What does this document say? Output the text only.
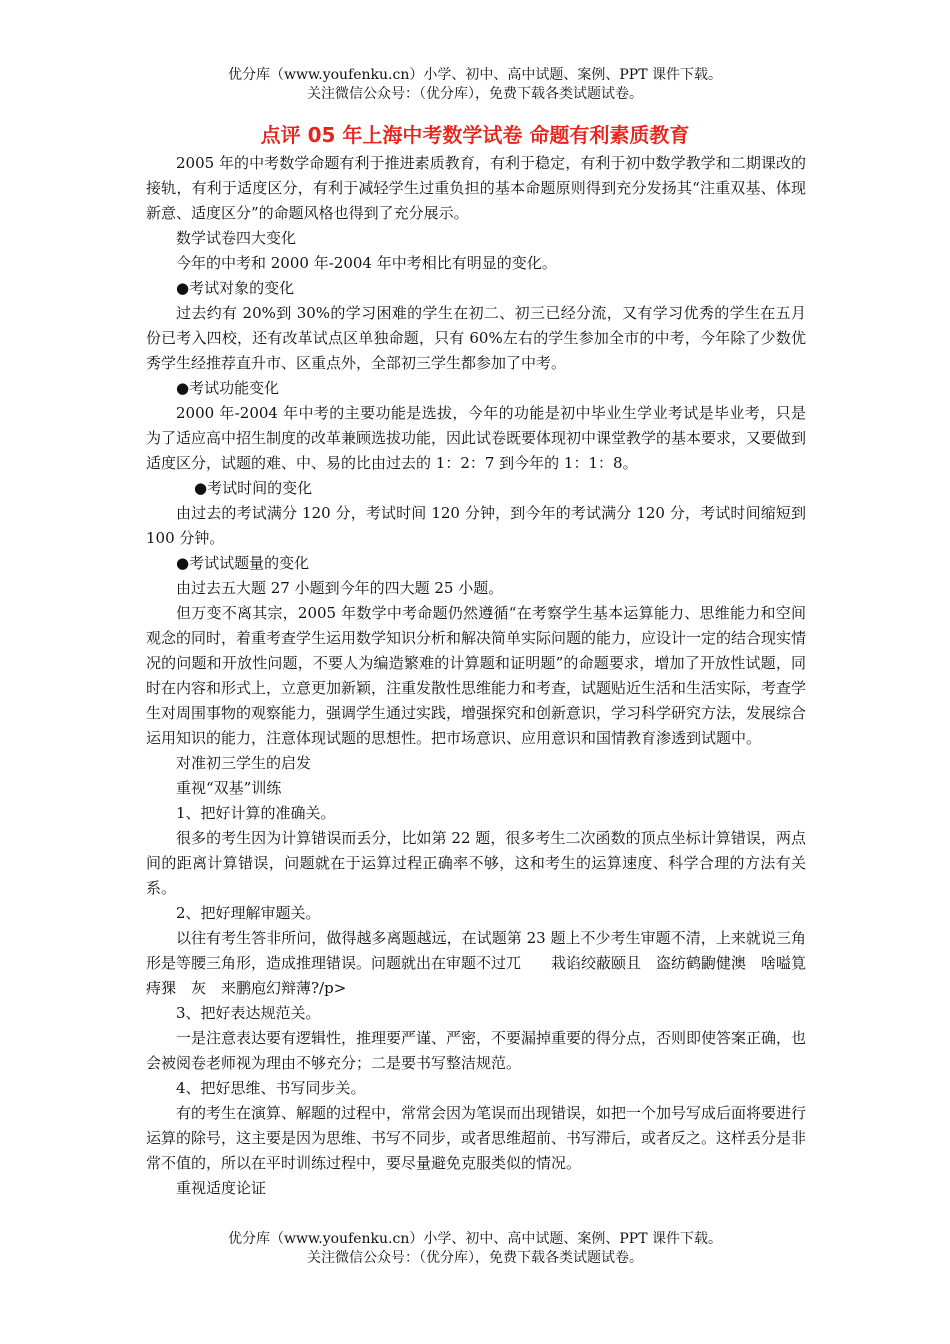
优分库（www.youfenku.cn）小学、初中、高中试题、案例、PPT 课件下载。
关注微信公众号：（优分库），免费下载各类试题试卷。
点评 05 年上海中考数学试卷 命题有利素质教育

2005 年的中考数学命题有利于推进素质教育，有利于稳定，有利于初中数学教学和二期课改的接轨，有利于适度区分，有利于减轻学生过重负担的基本命题原则得到充分发扬其“注重双基、体现新意、适度区分”的命题风格也得到了充分展示。

数学试卷四大变化

今年的中考和 2000 年-2004 年中考相比有明显的变化。

●考试对象的变化

过去约有 20%到 30%的学习困难的学生在初二、初三已经分流，又有学习优秀的学生在五月份已考入四校，还有改革试点区单独命题，只有 60%左右的学生参加全市的中考，今年除了少数优秀学生经推荐直升市、区重点外，全部初三学生都参加了中考。

●考试功能变化

2000 年-2004 年中考的主要功能是选拔，今年的功能是初中毕业生学业考试是毕业考，只是为了适应高中招生制度的改革兼顾选拔功能，因此试卷既要体现初中课堂教学的基本要求，又要做到适度区分，试题的难、中、易的比由过去的 1：2：7 到今年的 1：1：8。

●考试时间的变化

由过去的考试满分 120 分，考试时间 120 分钟，到今年的考试满分 120 分，考试时间缩短到 100 分钟。

●考试试题量的变化

由过去五大题 27 小题到今年的四大题 25 小题。

但万变不离其宗，2005 年数学中考命题仍然遵循“在考察学生基本运算能力、思维能力和空间观念的同时，着重考查学生运用数学知识分析和解决简单实际问题的能力，应设计一定的结合现实情况的问题和开放性问题，不要人为编造繁难的计算题和证明题”的命题要求，增加了开放性试题，同时在内容和形式上，立意更加新颖，注重发散性思维能力和考查，试题贴近生活和生活实际，考查学生对周围事物的观察能力，强调学生通过实践，增强探究和创新意识，学习科学研究方法，发展综合运用知识的能力，注意体现试题的思想性。把市场意识、应用意识和国情教育渗透到试题中。

对准初三学生的启发

重视“双基”训练

1、把好计算的准确关。

很多的考生因为计算错误而丢分，比如第 22 题，很多考生二次函数的顶点坐标计算错误，两点间的距离计算错误，问题就在于运算过程正确率不够，这和考生的运算速度、科学合理的方法有关系。

2、把好理解审题关。

以往有考生答非所问，做得越多离题越远，在试题第 23 题上不少考生审题不清，上来就说三角形是等腰三角形，造成推理错误。问题就出在审题不过兀　　栽谄绞蔽颐且　盗纺鹤鼩健澳　啥嗌筧　痔猓　灰　来鹏庖幻辩薄?/p>

3、把好表达规范关。

一是注意表达要有逻辑性，推理要严谨、严密，不要漏掉重要的得分点，否则即使答案正确，也会被阅卷老师视为理由不够充分；二是要书写整洁规范。

4、把好思维、书写同步关。

有的考生在演算、解题的过程中，常常会因为笔误而出现错误，如把一个加号写成后面将要进行运算的除号，这主要是因为思维、书写不同步，或者思维超前、书写滞后，或者反之。这样丢分是非常不值的，所以在平时训练过程中，要尽量避免克服类似的情况。

重视适度论证

优分库（www.youfenku.cn）小学、初中、高中试题、案例、PPT 课件下载。
关注微信公众号：（优分库），免费下载各类试题试卷。
